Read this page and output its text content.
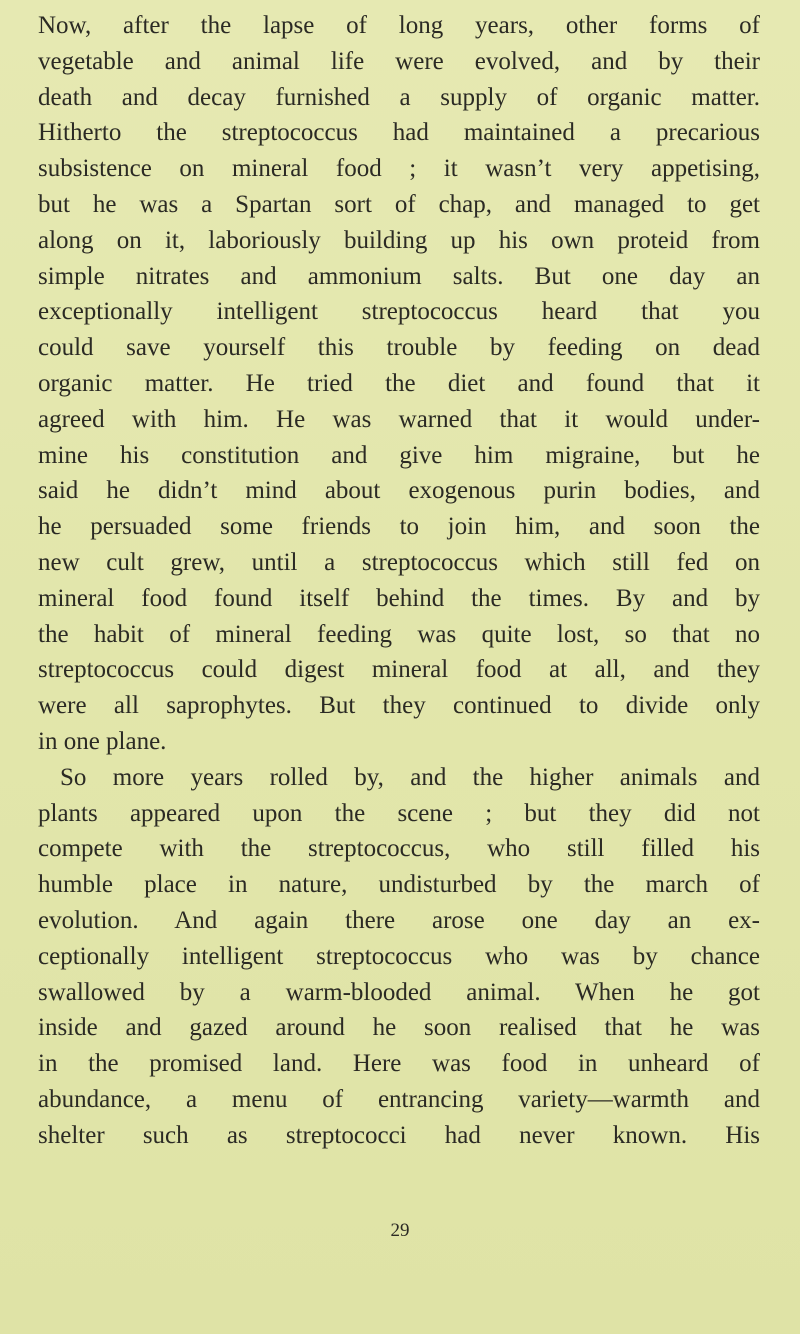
Now, after the lapse of long years, other forms of
vegetable and animal life were evolved, and by their
death and decay furnished a supply of organic matter.
Hitherto the streptococcus had maintained a precarious
subsistence on mineral food ; it wasn’t very appetising,
but he was a Spartan sort of chap, and managed to get
along on it, laboriously building up his own proteid from
simple nitrates and ammonium salts. But one day an
exceptionally intelligent streptococcus heard that you
could save yourself this trouble by feeding on dead
organic matter. He tried the diet and found that it
agreed with him. He was warned that it would under-
mine his constitution and give him migraine, but he
said he didn’t mind about exogenous purin bodies, and
he persuaded some friends to join him, and soon the
new cult grew, until a streptococcus which still fed on
mineral food found itself behind the times. By and by
the habit of mineral feeding was quite lost, so that no
streptococcus could digest mineral food at all, and they
were all saprophytes. But they continued to divide only
in one plane.
So more years rolled by, and the higher animals and
plants appeared upon the scene ; but they did not
compete with the streptococcus, who still filled his
humble place in nature, undisturbed by the march of
evolution. And again there arose one day an ex-
ceptionally intelligent streptococcus who was by chance
swallowed by a warm-blooded animal. When he got
inside and gazed around he soon realised that he was
in the promised land. Here was food in unheard of
abundance, a menu of entrancing variety—warmth and
shelter such as streptococci had never known. His
29
